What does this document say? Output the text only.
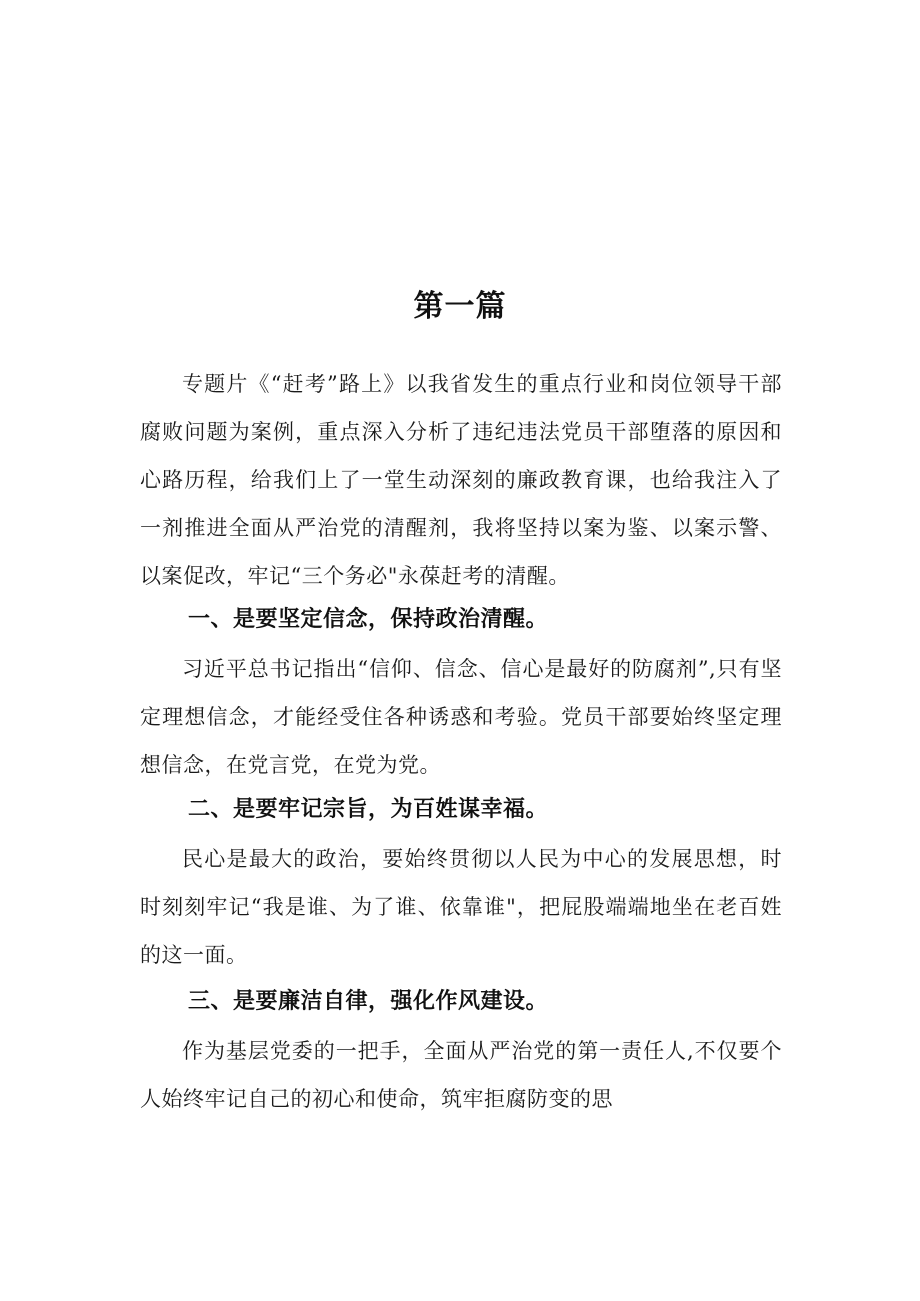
第一篇

专题片《“赶考”路上》以我省发生的重点行业和岗位领导干部腐败问题为案例，重点深入分析了违纪违法党员干部堕落的原因和心路历程，给我们上了一堂生动深刻的廉政教育课，也给我注入了一剂推进全面从严治党的清醒剂，我将坚持以案为鉴、以案示警、以案促改，牢记“三个务必"永葆赶考的清醒。

一、是要坚定信念，保持政治清醒。

习近平总书记指出“信仰、信念、信心是最好的防腐剂”,只有坚定理想信念，才能经受住各种诱惑和考验。党员干部要始终坚定理想信念，在党言党，在党为党。

二、是要牢记宗旨，为百姓谋幸福。

民心是最大的政治，要始终贯彻以人民为中心的发展思想，时时刻刻牢记“我是谁、为了谁、依靠谁"，把屁股端端地坐在老百姓的这一面。

三、是要廉洁自律，强化作风建设。

作为基层党委的一把手，全面从严治党的第一责任人,不仅要个人始终牢记自己的初心和使命，筑牢拒腐防变的思
